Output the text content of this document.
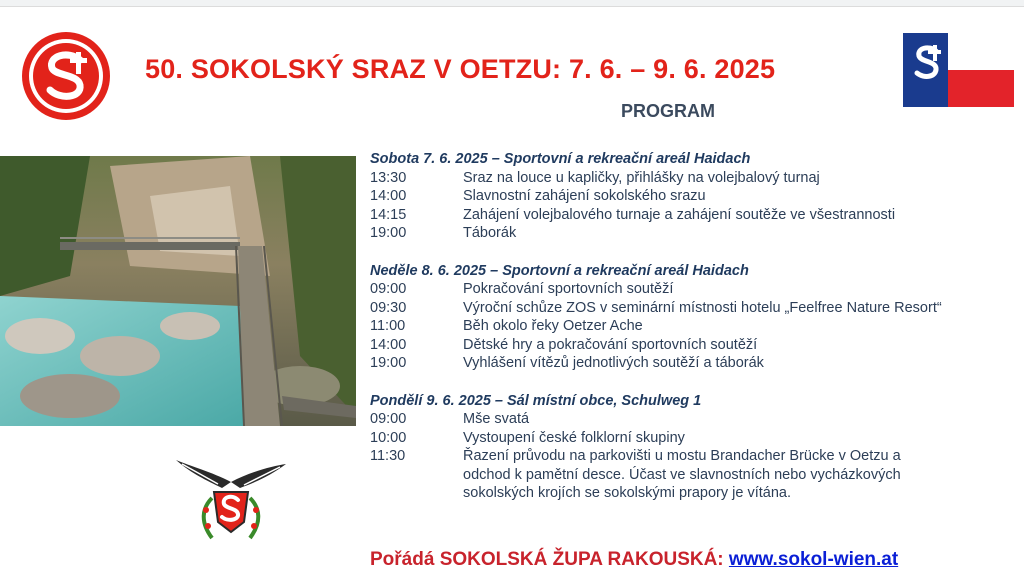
50. SOKOLSKÝ SRAZ V OETZU: 7. 6. – 9. 6. 2025
PROGRAM
Sobota 7. 6. 2025 – Sportovní a rekreační areál Haidach
13:30	Sraz na louce u kapličky, přihlášky na volejbalový turnaj
14:00	Slavnostní zahájení sokolského srazu
14:15	Zahájení volejbalového turnaje a zahájení soutěže ve všestrannosti
19:00	Táborák
Neděle 8. 6. 2025 – Sportovní a rekreační areál Haidach
09:00	Pokračování sportovních soutěží
09:30	Výroční schůze ZOS v seminární místnosti hotelu „Feelfree Nature Resort“
11:00	Běh okolo řeky Oetzer Ache
14:00	Dětské hry a pokračování sportovních soutěží
19:00	Vyhlášení vítězů jednotlivých soutěží a táborák
Pondělí 9. 6. 2025 – Sál místní obce, Schulweg 1
09:00	Mše svatá
10:00	Vystoupení české folklorní skupiny
11:30	Řazení průvodu na parkovišti u mostu Brandacher Brücke v Oetzu a odchod k pamětní desce. Účast ve slavnostních nebo vycházkových sokolských krojích se sokolskými prapory je vítána.
Pořádá SOKOLSKÁ ŽUPA RAKOUSKÁ: www.sokol-wien.at
